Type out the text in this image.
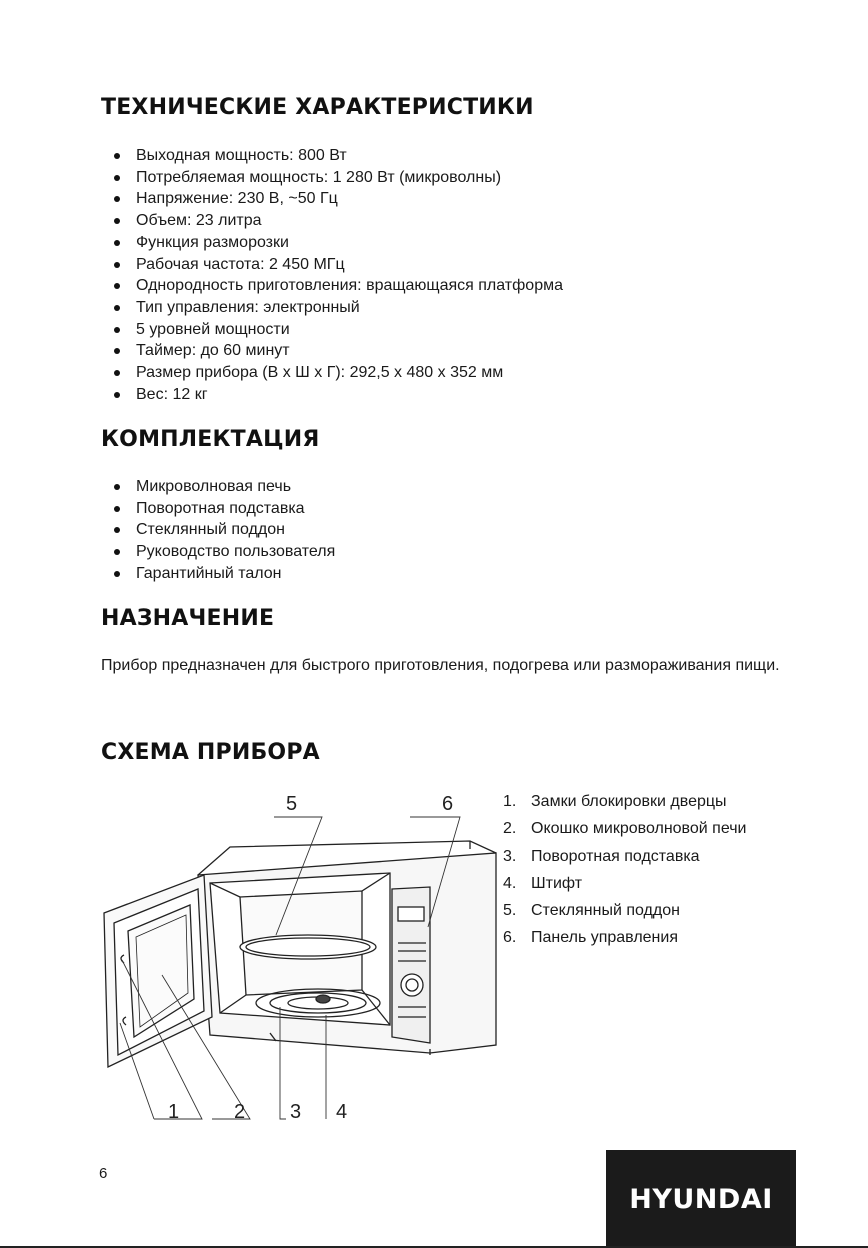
ТЕХНИЧЕСКИЕ ХАРАКТЕРИСТИКИ
Выходная мощность: 800 Вт
Потребляемая мощность: 1 280 Вт (микроволны)
Напряжение: 230 В, ~50 Гц
Объем: 23 литра
Функция разморозки
Рабочая частота: 2 450 МГц
Однородность приготовления: вращающаяся платформа
Тип управления: электронный
5 уровней мощности
Таймер: до 60 минут
Размер прибора (В х Ш х Г): 292,5 х 480 х 352 мм
Вес: 12 кг
КОМПЛЕКТАЦИЯ
Микроволновая печь
Поворотная подставка
Стеклянный поддон
Руководство пользователя
Гарантийный талон
НАЗНАЧЕНИЕ

Прибор предназначен для быстрого приготовления, подогрева или размораживания пищи.

СХЕМА ПРИБОРА
5	6
1	2 3 4
1. Замки блокировки дверцы
2. Окошко микроволновой печи
3. Поворотная подставка
4. Штифт
5. Стеклянный поддон
6. Панель управления
6
HYUNDAI
